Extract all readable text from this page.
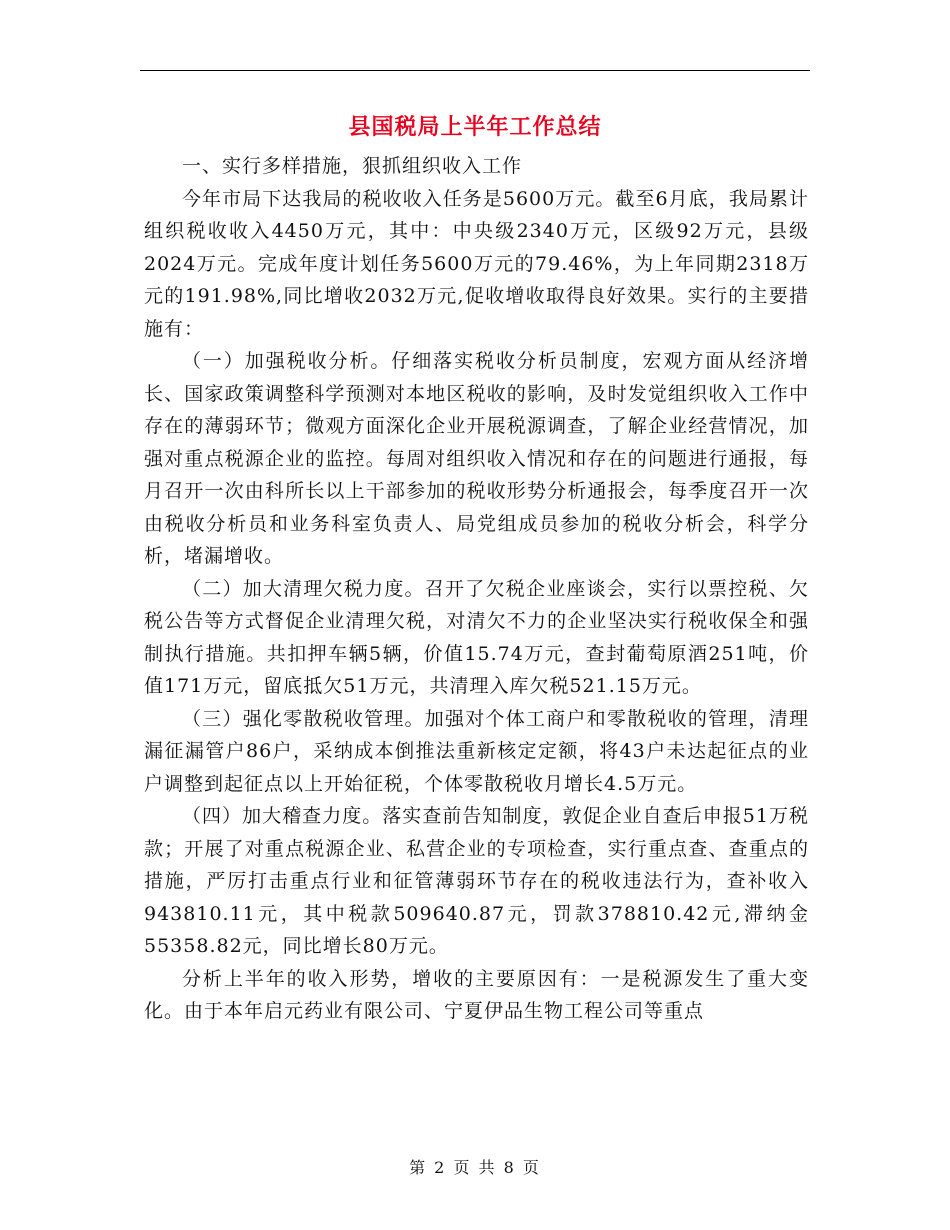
县国税局上半年工作总结

一、实行多样措施，狠抓组织收入工作

今年市局下达我局的税收收入任务是5600万元。截至6月底，我局累计组织税收收入4450万元，其中：中央级2340万元，区级92万元，县级2024万元。完成年度计划任务5600万元的79.46%，为上年同期2318万元的191.98%,同比增收2032万元,促收增收取得良好效果。实行的主要措施有：

（一）加强税收分析。仔细落实税收分析员制度，宏观方面从经济增长、国家政策调整科学预测对本地区税收的影响，及时发觉组织收入工作中存在的薄弱环节；微观方面深化企业开展税源调查，了解企业经营情况，加强对重点税源企业的监控。每周对组织收入情况和存在的问题进行通报，每月召开一次由科所长以上干部参加的税收形势分析通报会，每季度召开一次由税收分析员和业务科室负责人、局党组成员参加的税收分析会，科学分析，堵漏增收。

（二）加大清理欠税力度。召开了欠税企业座谈会，实行以票控税、欠税公告等方式督促企业清理欠税，对清欠不力的企业坚决实行税收保全和强制执行措施。共扣押车辆5辆，价值15.74万元，查封葡萄原酒251吨，价值171万元，留底抵欠51万元，共清理入库欠税521.15万元。

（三）强化零散税收管理。加强对个体工商户和零散税收的管理，清理漏征漏管户86户，采纳成本倒推法重新核定定额，将43户未达起征点的业户调整到起征点以上开始征税，个体零散税收月增长4.5万元。

（四）加大稽查力度。落实查前告知制度，敦促企业自查后申报51万税款；开展了对重点税源企业、私营企业的专项检查，实行重点查、查重点的措施，严厉打击重点行业和征管薄弱环节存在的税收违法行为，查补收入943810.11元，其中税款509640.87元，罚款378810.42元,滞纳金55358.82元，同比增长80万元。

分析上半年的收入形势，增收的主要原因有：一是税源发生了重大变化。由于本年启元药业有限公司、宁夏伊品生物工程公司等重点

第 2 页 共 8 页
